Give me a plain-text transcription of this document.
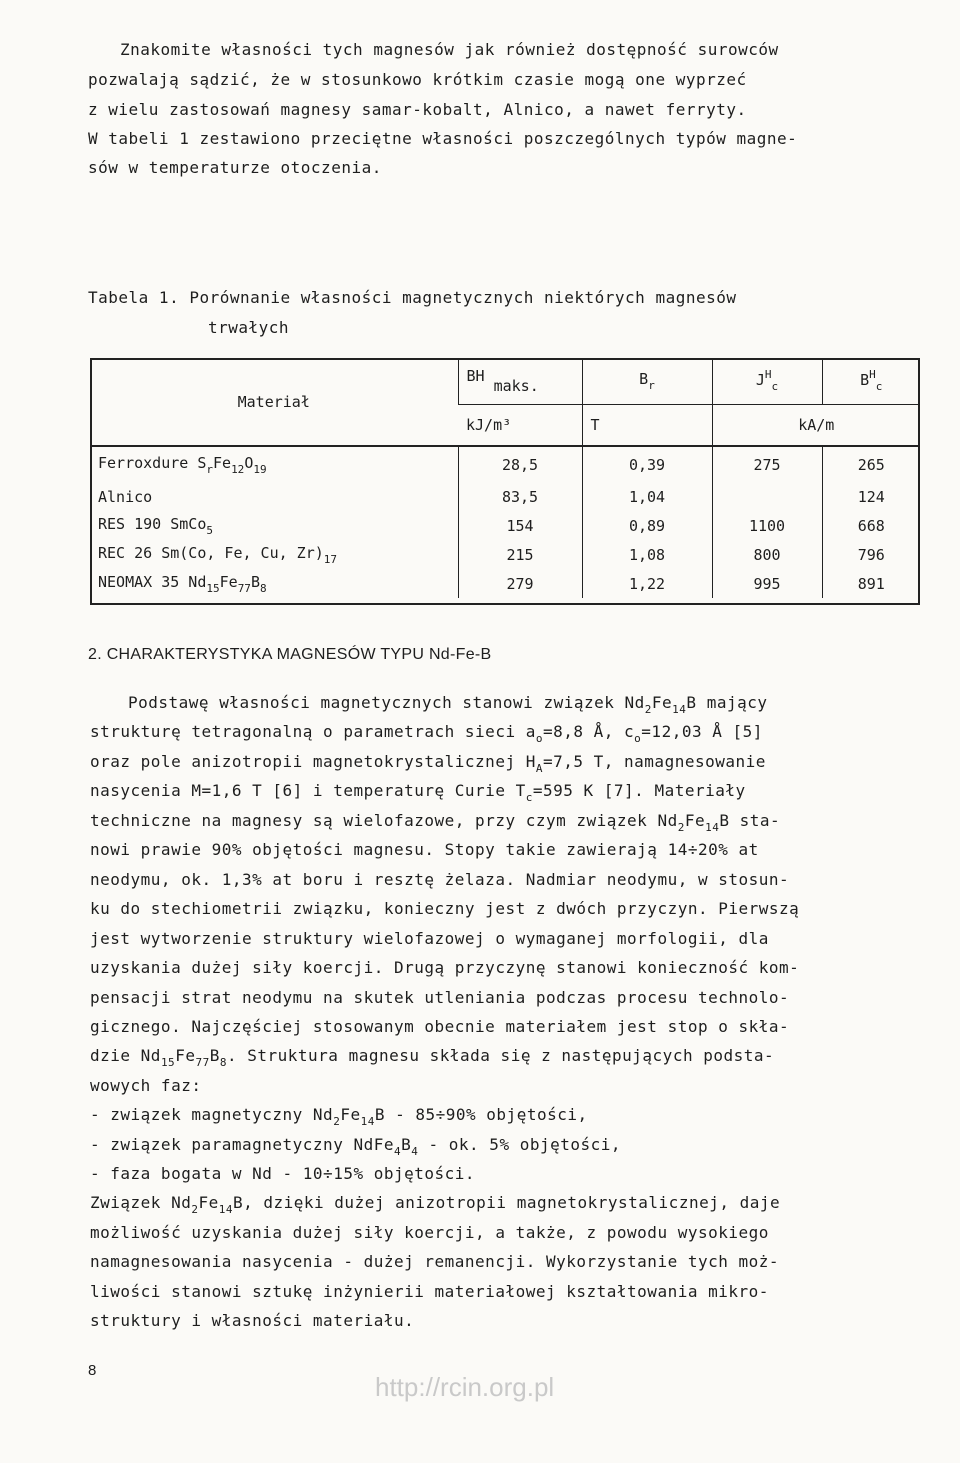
Znakomite własności tych magnesów jak również dostępność surowców
pozwalają sądzić, że w stosunkowo krótkim czasie mogą one wyprzeć
z wielu zastosowań magnesy samar-kobalt, Alnico, a nawet ferryty.
W tabeli 1 zestawiono przeciętne własności poszczególnych typów magne-
sów w temperaturze otoczenia.
Tabela 1. Porównanie własności magnetycznych niektórych magnesów
trwałych
Materiał	BH maks.	$B_r$	$J^H_c$	$B^H_c$
	kJ/m³	T	kA/m	
Ferroxdure $S_rFe_{12}O_{19}$	28,5	0,39	275	265
Alnico	83,5	1,04		124
RES 190 SmCo$_5$	154	0,89	1100	668
REC 26 Sm(Co, Fe, Cu, $Zr)_{17}$	215	1,08	800	796
NEOMAX 35 $Nd_{15}Fe_{77}B_8$	279	1,22	995	891
2. CHARAKTERYSTYKA MAGNESÓW TYPU Nd-Fe-B
Podstawę własności magnetycznych stanowi związek $Nd_2Fe_{14}B$ mający
strukturę tetragonalną o parametrach sieci $a_o=8,8$ Å, $c_o=12,03$ Å [5]
oraz pole anizotropii magnetokrystalicznej $H_A=7,5$ T, namagnesowanie
nasycenia M=1,6 T [6] i temperaturę Curie $T_c=595$ K [7]. Materiały
techniczne na magnesy są wielofazowe, przy czym związek $Nd_2Fe_{14}B$ sta-
nowi prawie 90% objętości magnesu. Stopy takie zawierają 14÷20% at
neodymu, ok. 1,3% at boru i resztę żelaza. Nadmiar neodymu, w stosun-
ku do stechiometrii związku, konieczny jest z dwóch przyczyn. Pierwszą
jest wytworzenie struktury wielofazowej o wymaganej morfologii, dla
uzyskania dużej siły koercji. Drugą przyczynę stanowi konieczność kom-
pensacji strat neodymu na skutek utleniania podczas procesu technolo-
gicznego. Najczęściej stosowanym obecnie materiałem jest stop o skła-
dzie $Nd_{15}Fe_{77}B_8$. Struktura magnesu składa się z następujących podsta-
wowych faz:
- związek magnetyczny $Nd_2Fe_{14}B - 85\div 90\%$ objętości,
- związek paramagnetyczny $NdFe_4B_4$ - ok. 5% objętości,
- faza bogata w Nd - 10÷15% objętości.
Związek $Nd_2Fe_{14}B$, dzięki dużej anizotropii magnetokrystalicznej, daje
możliwość uzyskania dużej siły koercji, a także, z powodu wysokiego
namagnesowania nasycenia - dużej remanencji. Wykorzystanie tych moż-
liwości stanowi sztukę inżynierii materiałowej kształtowania mikro-
struktury i własności materiału.
8
http://rcin.org.pl
